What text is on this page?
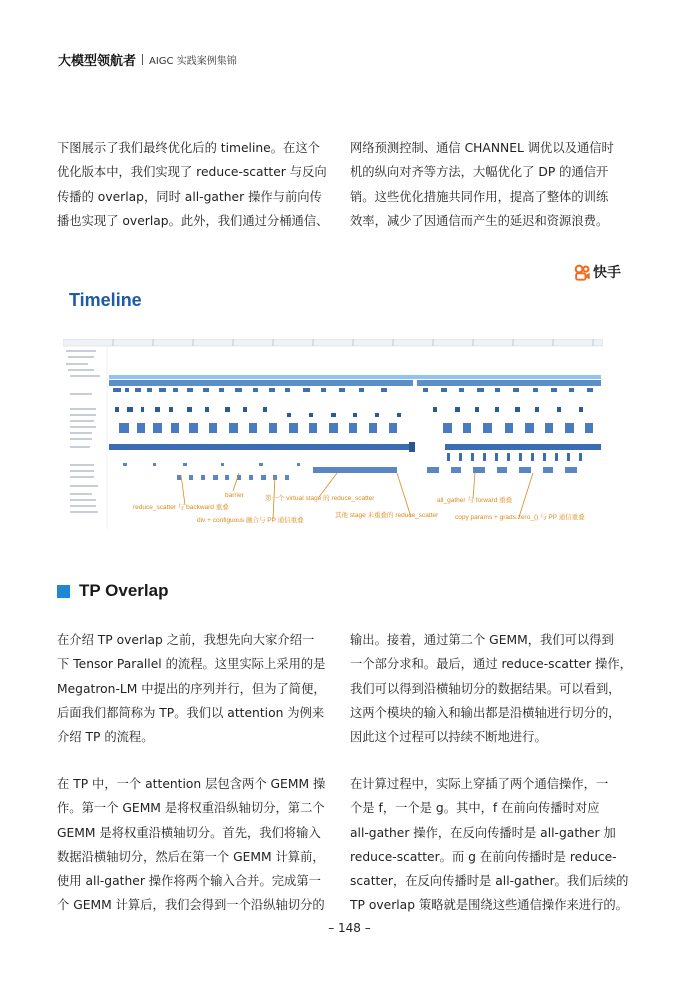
大模型领航者 AIGC 实践案例集锦
下图展示了我们最终优化后的 timeline。在这个
优化版本中，我们实现了 reduce-scatter 与反向
传播的 overlap，同时 all-gather 操作与前向传
播也实现了 overlap。此外，我们通过分桶通信、
网络预测控制、通信 CHANNEL 调优以及通信时
机的纵向对齐等方法，大幅优化了 DP 的通信开
销。这些优化措施共同作用，提高了整体的训练
效率，减少了因通信而产生的延迟和资源浪费。
快手
Timeline
barrier	第一个 virtual stage 的 reduce_scatter	all_gather 与 forward 重叠
reduce_scatter 与 backward 重叠
div + configuous 融合与 PP 通信重叠
其他 stage 未重叠的 reduce_scatter	copy params + grads.zero_() 与 PP 通信重叠
TP Overlap
在介绍 TP overlap 之前，我想先向大家介绍一
下 Tensor Parallel 的流程。这里实际上采用的是
Megatron-LM 中提出的序列并行，但为了简便，
后面我们都简称为 TP。我们以 attention 为例来
介绍 TP 的流程。
输出。接着，通过第二个 GEMM，我们可以得到
一个部分求和。最后，通过 reduce-scatter 操作，
我们可以得到沿横轴切分的数据结果。可以看到，
这两个模块的输入和输出都是沿横轴进行切分的，
因此这个过程可以持续不断地进行。
在 TP 中，一个 attention 层包含两个 GEMM 操
作。第一个 GEMM 是将权重沿纵轴切分，第二个
GEMM 是将权重沿横轴切分。首先，我们将输入
数据沿横轴切分，然后在第一个 GEMM 计算前，
使用 all-gather 操作将两个输入合并。完成第一
个 GEMM 计算后，我们会得到一个沿纵轴切分的
在计算过程中，实际上穿插了两个通信操作，一
个是 f，一个是 g。其中，f 在前向传播时对应
all-gather 操作，在反向传播时是 all-gather 加
reduce-scatter。而 g 在前向传播时是 reduce-
scatter，在反向传播时是 all-gather。我们后续的
TP overlap 策略就是围绕这些通信操作来进行的。
– 148 –
